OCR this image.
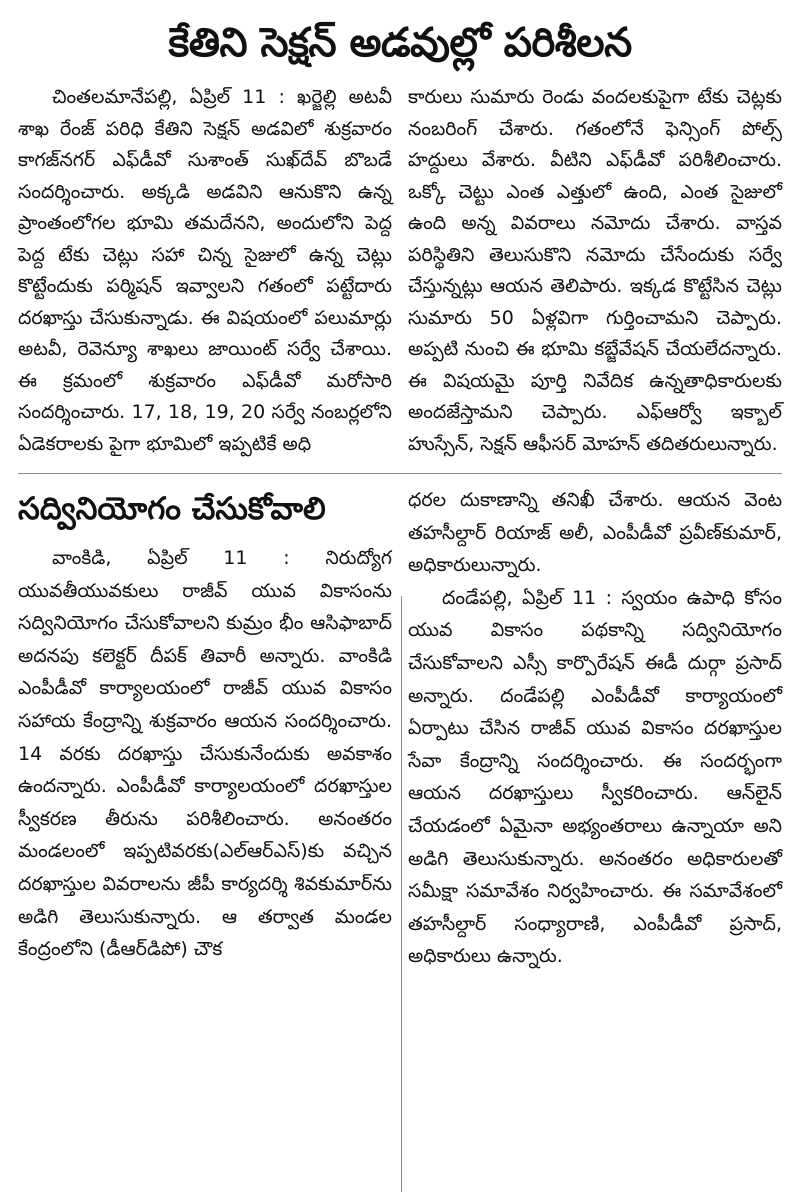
కేతిని సెక్షన్ అడవుల్లో పరిశీలన

చింతలమానేపల్లి, ఏప్రిల్ 11 : ఖర్జెల్లి అటవీ శాఖ రేంజ్ పరిధి కేతిని సెక్షన్ అడవిలో శుక్రవారం కాగజ్‌నగర్ ఎఫ్‌డీవో సుశాంత్ సుఖ్‌దేవ్ బొబడే సందర్శించారు. అక్కడి అడవిని ఆనుకొని ఉన్న ప్రాంతంలోగల భూమి తమదేనని, అందులోని పెద్ద పెద్ద టేకు చెట్లు సహా చిన్న సైజులో ఉన్న చెట్లు కొట్టేందుకు పర్మిషన్ ఇవ్వాలని గతంలో పట్టేదారు దరఖాస్తు చేసుకున్నాడు. ఈ విషయంలో పలుమార్లు అటవీ, రెవెన్యూ శాఖలు జాయింట్ సర్వే చేశాయి. ఈ క్రమంలో శుక్రవారం ఎఫ్‌డీవో మరోసారి సందర్శించారు. 17, 18, 19, 20 సర్వే నంబర్లలోని ఏడెకరాలకు పైగా భూమిలో ఇప్పటికే అధి

కారులు సుమారు రెండు వందలకుపైగా టేకు చెట్లకు నంబరింగ్ చేశారు. గతంలోనే ఫెన్సింగ్ పోల్స్ హద్దులు వేశారు. వీటిని ఎఫ్‌డీవో పరిశీలించారు. ఒక్కో చెట్టు ఎంత ఎత్తులో ఉంది, ఎంత సైజులో ఉంది అన్న వివరాలు నమోదు చేశారు. వాస్తవ పరిస్థితిని తెలుసుకొని నమోదు చేసేందుకు సర్వే చేస్తున్నట్లు ఆయన తెలిపారు. ఇక్కడ కొట్టేసిన చెట్లు సుమారు 50 ఏళ్లవిగా గుర్తించామని చెప్పారు. అప్పటి నుంచి ఈ భూమి కబ్జేవేషన్ చేయలేదన్నారు. ఈ విషయమై పూర్తి నివేదిక ఉన్నతాధికారులకు అందజేస్తామని చెప్పారు. ఎఫ్‌ఆర్వో ఇక్బాల్ హుస్సేన్, సెక్షన్ ఆఫీసర్ మోహన్ తదితరులున్నారు.

సద్వినియోగం చేసుకోవాలి

వాంకిడి, ఏప్రిల్ 11 : నిరుద్యోగ యువతీయువకులు రాజీవ్ యువ వికాసంను సద్వినియోగం చేసుకోవాలని కుమ్రం భీం ఆసిఫాబాద్ అదనపు కలెక్టర్ దీపక్ తివారీ అన్నారు. వాంకిడి ఎంపీడీవో కార్యాలయంలో రాజీవ్ యువ వికాసం సహాయ కేంద్రాన్ని శుక్రవారం ఆయన సందర్శించారు. 14 వరకు దరఖాస్తు చేసుకునేందుకు అవకాశం ఉందన్నారు. ఎంపీడీవో కార్యాలయంలో దరఖాస్తుల స్వీకరణ తీరును పరిశీలించారు. అనంతరం మండలంలో ఇప్పటివరకు(ఎల్ఆర్ఎస్)కు వచ్చిన దరఖాస్తుల వివరాలను జీపీ కార్యదర్శి శివకుమార్‌ను అడిగి తెలుసుకున్నారు. ఆ తర్వాత మండల కేంద్రంలోని (డీఆర్‌డిపో) చౌక

ధరల దుకాణాన్ని తనిఖీ చేశారు. ఆయన వెంట తహసీల్దార్ రియాజ్ అలీ, ఎంపీడీవో ప్రవీణ్‌కుమార్, అధికారులున్నారు.

దండేపల్లి, ఏప్రిల్ 11 : స్వయం ఉపాధి కోసం యువ వికాసం పథకాన్ని సద్వినియోగం చేసుకోవాలని ఎస్సీ కార్పొరేషన్ ఈడీ దుర్గా ప్రసాద్ అన్నారు. దండేపల్లి ఎంపీడీవో కార్యాయంలో ఏర్పాటు చేసిన రాజీవ్ యువ వికాసం దరఖాస్తుల సేవా కేంద్రాన్ని సందర్శించారు. ఈ సందర్భంగా ఆయన దరఖాస్తులు స్వీకరించారు. ఆన్‌లైన్ చేయడంలో ఏమైనా అభ్యంతరాలు ఉన్నాయా అని అడిగి తెలుసుకున్నారు. అనంతరం అధికారులతో సమీక్షా సమావేశం నిర్వహించారు. ఈ సమావేశంలో తహసీల్దార్ సంధ్యారాణి, ఎంపీడీవో ప్రసాద్, అధికారులు ఉన్నారు.
